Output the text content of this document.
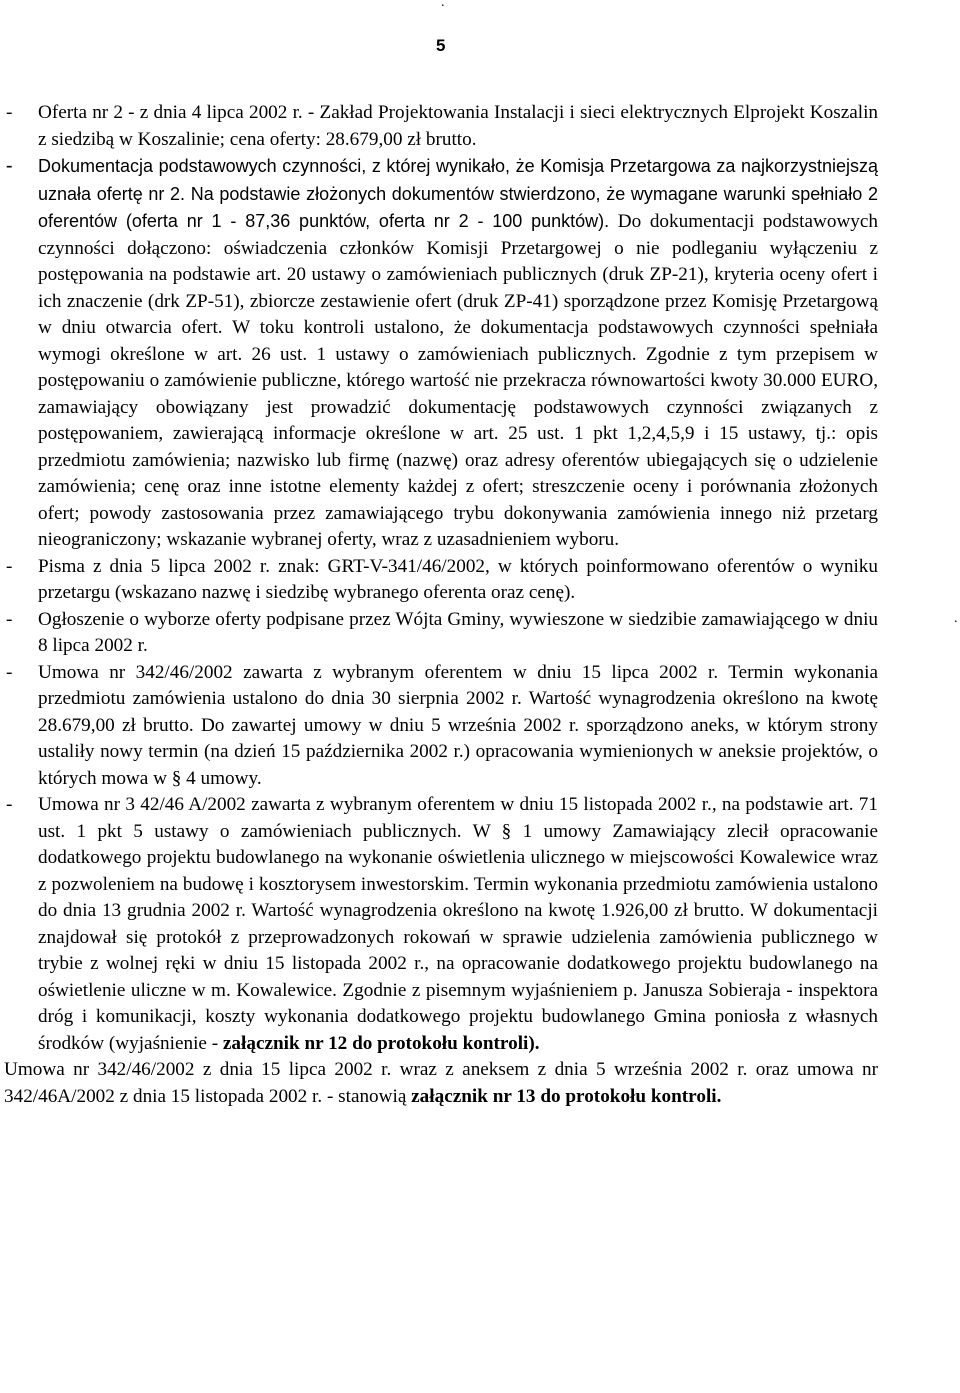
.
.
5
- Oferta nr 2 - z dnia 4 lipca 2002 r. - Zakład Projektowania Instalacji i sieci elektrycznych Elprojekt Koszalin z siedzibą w Koszalinie; cena oferty: 28.679,00 zł brutto.
- Dokumentacja podstawowych czynności, z której wynikało, że Komisja Przetargowa za najkorzystniejszą uznała ofertę nr 2. Na podstawie złożonych dokumentów stwierdzono, że wymagane warunki spełniało 2 oferentów (oferta nr 1 - 87,36 punktów, oferta nr 2 - 100 punktów). Do dokumentacji podstawowych czynności dołączono: oświadczenia członków Komisji Przetargowej o nie podleganiu wyłączeniu z postępowania na podstawie art. 20 ustawy o zamówieniach publicznych (druk ZP-21), kryteria oceny ofert i ich znaczenie (drk ZP-51), zbiorcze zestawienie ofert (druk ZP-41) sporządzone przez Komisję Przetargową w dniu otwarcia ofert. W toku kontroli ustalono, że dokumentacja podstawowych czynności spełniała wymogi określone w art. 26 ust. 1 ustawy o zamówieniach publicznych. Zgodnie z tym przepisem w postępowaniu o zamówienie publiczne, którego wartość nie przekracza równowartości kwoty 30.000 EURO, zamawiający obowiązany jest prowadzić dokumentację podstawowych czynności związanych z postępowaniem, zawierającą informacje określone w art. 25 ust. 1 pkt 1,2,4,5,9 i 15 ustawy, tj.: opis przedmiotu zamówienia; nazwisko lub firmę (nazwę) oraz adresy oferentów ubiegających się o udzielenie zamówienia; cenę oraz inne istotne elementy każdej z ofert; streszczenie oceny i porównania złożonych ofert; powody zastosowania przez zamawiającego trybu dokonywania zamówienia innego niż przetarg nieograniczony; wskazanie wybranej oferty, wraz z uzasadnieniem wyboru.
- Pisma z dnia 5 lipca 2002 r. znak: GRT-V-341/46/2002, w których poinformowano oferentów o wyniku przetargu (wskazano nazwę i siedzibę wybranego oferenta oraz cenę).
- Ogłoszenie o wyborze oferty podpisane przez Wójta Gminy, wywieszone w siedzibie zamawiającego w dniu 8 lipca 2002 r.
- Umowa nr 342/46/2002 zawarta z wybranym oferentem w dniu 15 lipca 2002 r. Termin wykonania przedmiotu zamówienia ustalono do dnia 30 sierpnia 2002 r. Wartość wynagrodzenia określono na kwotę 28.679,00 zł brutto. Do zawartej umowy w dniu 5 września 2002 r. sporządzono aneks, w którym strony ustaliły nowy termin (na dzień 15 października 2002 r.) opracowania wymienionych w aneksie projektów, o których mowa w § 4 umowy.
- Umowa nr 3 42/46 A/2002 zawarta z wybranym oferentem w dniu 15 listopada 2002 r., na podstawie art. 71 ust. 1 pkt 5 ustawy o zamówieniach publicznych. W § 1 umowy Zamawiający zlecił opracowanie dodatkowego projektu budowlanego na wykonanie oświetlenia ulicznego w miejscowości Kowalewice wraz z pozwoleniem na budowę i kosztorysem inwestorskim. Termin wykonania przedmiotu zamówienia ustalono do dnia 13 grudnia 2002 r. Wartość wynagrodzenia określono na kwotę 1.926,00 zł brutto. W dokumentacji znajdował się protokół z przeprowadzonych rokowań w sprawie udzielenia zamówienia publicznego w trybie z wolnej ręki w dniu 15 listopada 2002 r., na opracowanie dodatkowego projektu budowlanego na oświetlenie uliczne w m. Kowalewice. Zgodnie z pisemnym wyjaśnieniem p. Janusza Sobieraja - inspektora dróg i komunikacji, koszty wykonania dodatkowego projektu budowlanego Gmina poniosła z własnych środków (wyjaśnienie - załącznik nr 12 do protokołu kontroli).
Umowa nr 342/46/2002 z dnia 15 lipca 2002 r. wraz z aneksem z dnia 5 września 2002 r. oraz umowa nr 342/46A/2002 z dnia 15 listopada 2002 r. - stanowią załącznik nr 13 do protokołu kontroli.
